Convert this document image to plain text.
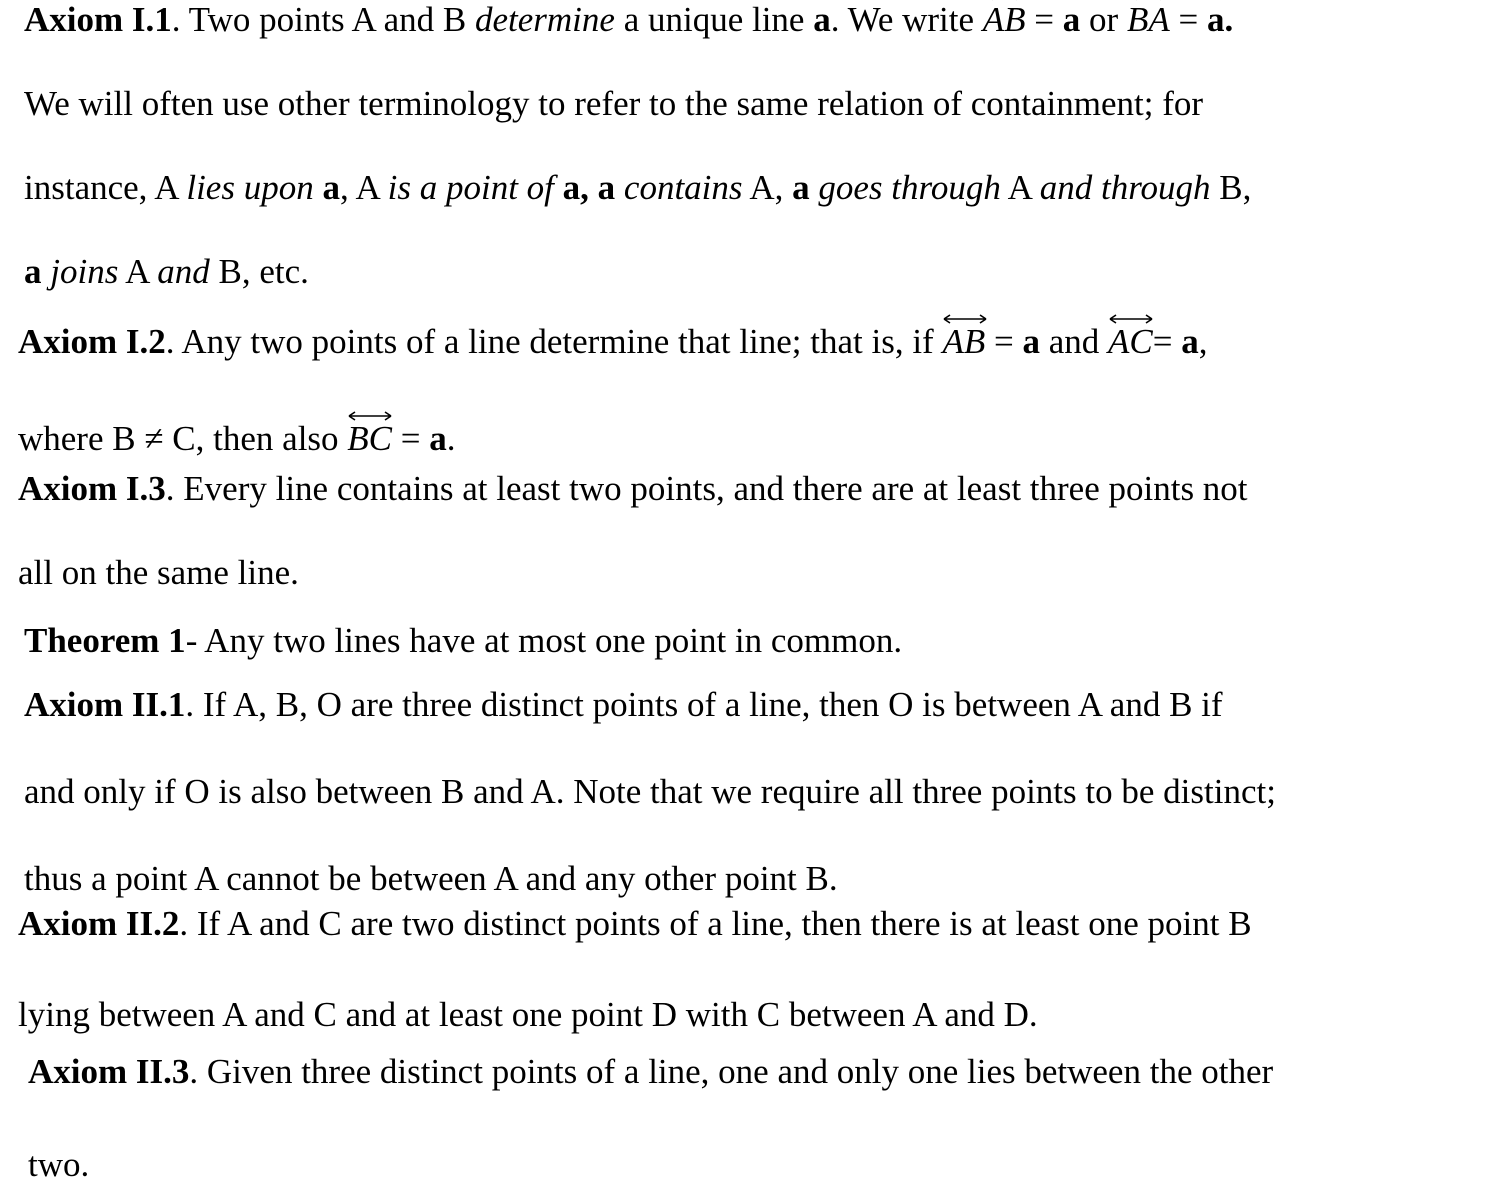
Axiom I.1. Two points A and B determine a unique line a. We write AB
= a or BA
= a.
We will often use other terminology to refer to the same relation of containment; for
instance, A lies upon a, A is a point of a, a contains A, a goes through A and through B,
a joins A and B, etc.
Axiom I.2. Any two points of a line determine that line; that is, if AB
= a and AC
= a,
where B ≠ C, then also BC
= a.
Axiom I.3. Every line contains at least two points, and there are at least three points not
all on the same line.
Theorem 1- Any two lines have at most one point in common.
Axiom II.1. If A, B, O are three distinct points of a line, then O is between A and B if
and only if O is also between B and A. Note that we require all three points to be distinct;
thus a point A cannot be between A and any other point B.
Axiom II.2. If A and C are two distinct points of a line, then there is at least one point B
lying between A and C and at least one point D with C between A and D.
Axiom II.3. Given three distinct points of a line, one and only one lies between the other
two.
